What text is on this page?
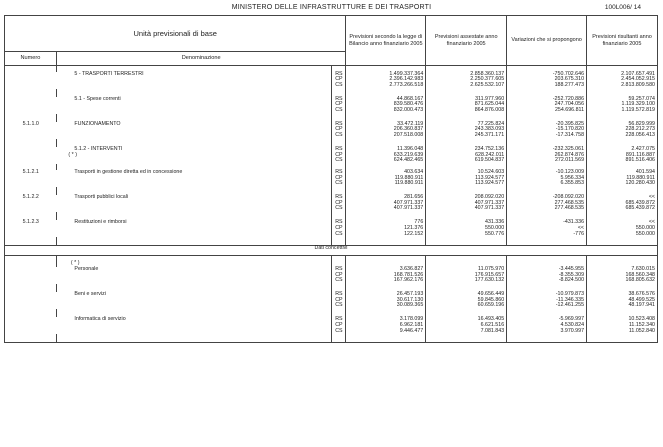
MINISTERO DELLE INFRASTRUTTURE E DEI TRASPORTI	100L006/ 14
Unità previsionali di base			Previsioni secondo la legge di Bilancio anno finanziario 2005	Previsioni assestate anno finanziario 2005	Variazioni che si propongono	Previsioni risultanti anno finanziario 2005
Numero	Denominazione					

	5 - TRASPORTI TERRESTRI	RS	1.499.337.364	2.858.360.137	-750.702.646	2.107.657.491
		CP	2.396.142.983	2.250.377.605	203.675.310	2.454.052.915
		CS	2.773.266.518	2.625.532.107	188.277.473	2.813.809.580

	5.1 - Spese correnti	RS	44.868.167	311.977.960	-252.720.886	59.257.074
		CP	839.580.476	871.625.044	247.704.056	1.119.329.100
		CS	832.000.473	864.876.008	254.696.811	1.119.572.819

5.1.1.0	FUNZIONAMENTO	RS	33.472.119	77.225.824	-20.395.825	56.829.999
		CP	206.360.837	243.383.093	-15.170.820	228.212.273
		CS	207.518.008	245.371.171	-17.314.758	228.056.413

	5.1.2 - INTERVENTI	RS	11.396.048	234.752.136	-232.325.061	2.427.075
	( * )	CP	633.219.639	628.242.011	262.874.876	891.116.887
		CS	624.482.465	619.504.837	272.011.569	891.516.406

5.1.2.1	Trasporti in gestione diretta ed in concessione	RS	403.634	10.524.603	-10.123.009	401.594
		CP	119.880.911	113.924.577	5.956.334	119.880.911
		CS	119.880.911	113.924.577	6.355.853	120.280.430

5.1.2.2	Trasporti pubblici locali	RS	281.656	208.092.020	-208.092.020	<<
		CP	407.971.337	407.971.337	277.468.535	685.439.872
		CS	407.971.337	407.971.337	277.468.535	685.439.872

5.1.2.3	Restituzioni e rimborsi	RS	776	431.336	-431.336	<<
		CP	121.376	550.000	<<	550.000
		CS	122.152	550.776	-776	550.000

Dati concettivi						

	( * )					
	Personale	RS	3.636.827	11.075.970	-3.445.955	7.630.015
		CP	168.781.526	176.915.657	-8.355.309	168.560.348
		CS	167.962.176	177.630.132	-8.824.500	168.805.632

	Beni e servizi	RS	26.457.193	49.656.449	-10.979.873	38.676.576
		CP	30.617.130	59.845.860	-11.346.335	48.499.525
		CS	30.089.365	60.659.196	-12.461.255	48.197.941

	Informatica di servizio	RS	3.178.099	16.493.405	-5.969.997	10.523.408
		CP	6.962.181	6.621.516	4.530.824	11.152.340
		CS	9.446.477	7.081.843	3.970.997	11.052.840
